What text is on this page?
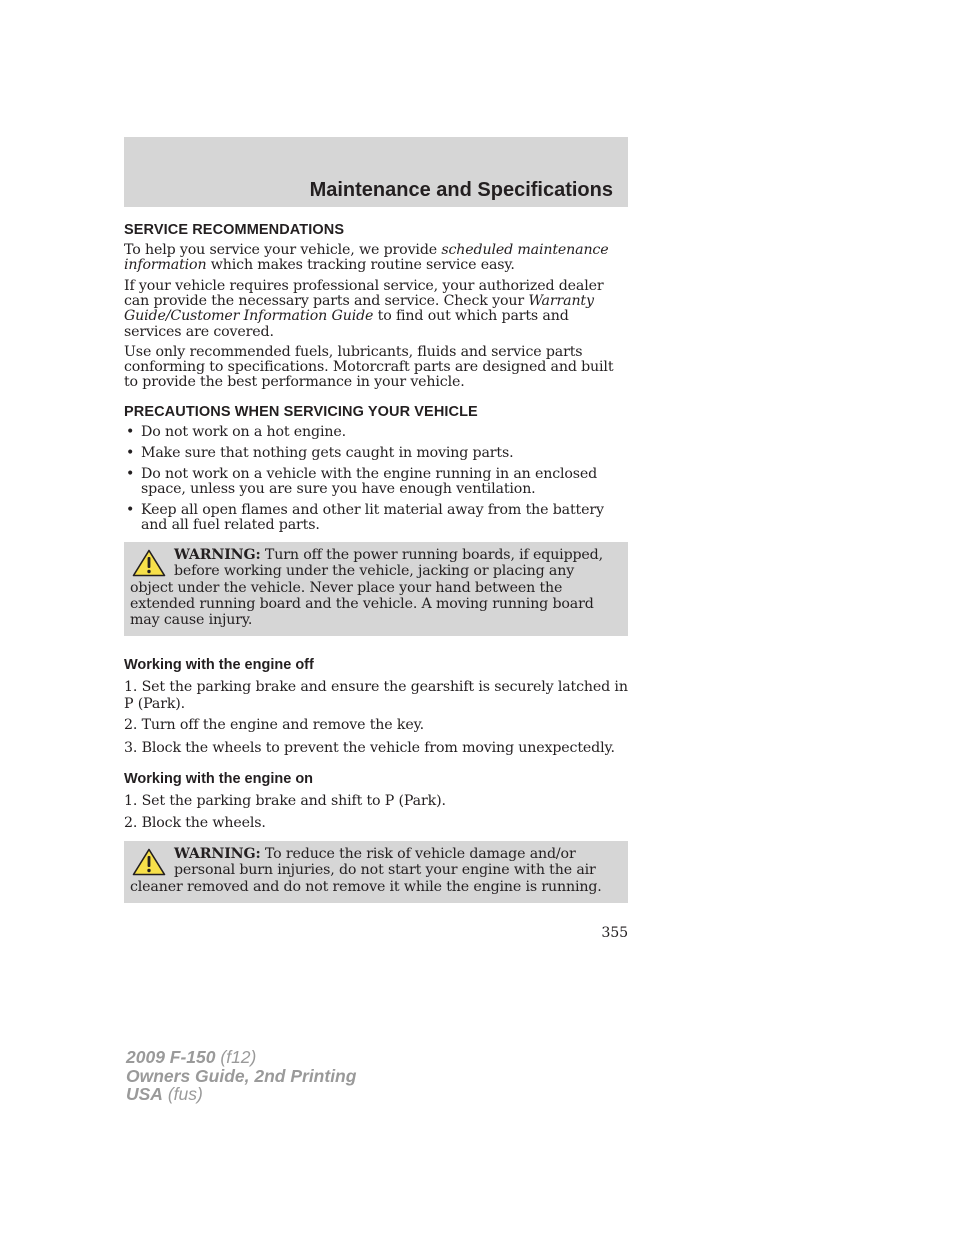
Maintenance and Specifications
SERVICE RECOMMENDATIONS

To help you service your vehicle, we provide scheduled maintenance information which makes tracking routine service easy.

If your vehicle requires professional service, your authorized dealer can provide the necessary parts and service. Check your Warranty Guide/Customer Information Guide to find out which parts and services are covered.

Use only recommended fuels, lubricants, fluids and service parts conforming to specifications. Motorcraft parts are designed and built to provide the best performance in your vehicle.

PRECAUTIONS WHEN SERVICING YOUR VEHICLE

• Do not work on a hot engine.

• Make sure that nothing gets caught in moving parts.

• Do not work on a vehicle with the engine running in an enclosed space, unless you are sure you have enough ventilation.

• Keep all open flames and other lit material away from the battery and all fuel related parts.

WARNING: Turn off the power running boards, if equipped, before working under the vehicle, jacking or placing any object under the vehicle. Never place your hand between the extended running board and the vehicle. A moving running board may cause injury.
Working with the engine off

1. Set the parking brake and ensure the gearshift is securely latched in P (Park).

2. Turn off the engine and remove the key.

3. Block the wheels to prevent the vehicle from moving unexpectedly.

Working with the engine on

1. Set the parking brake and shift to P (Park).

2. Block the wheels.

WARNING: To reduce the risk of vehicle damage and/or personal burn injuries, do not start your engine with the air cleaner removed and do not remove it while the engine is running.
355
2009 F-150 (f12)
Owners Guide, 2nd Printing
USA (fus)
